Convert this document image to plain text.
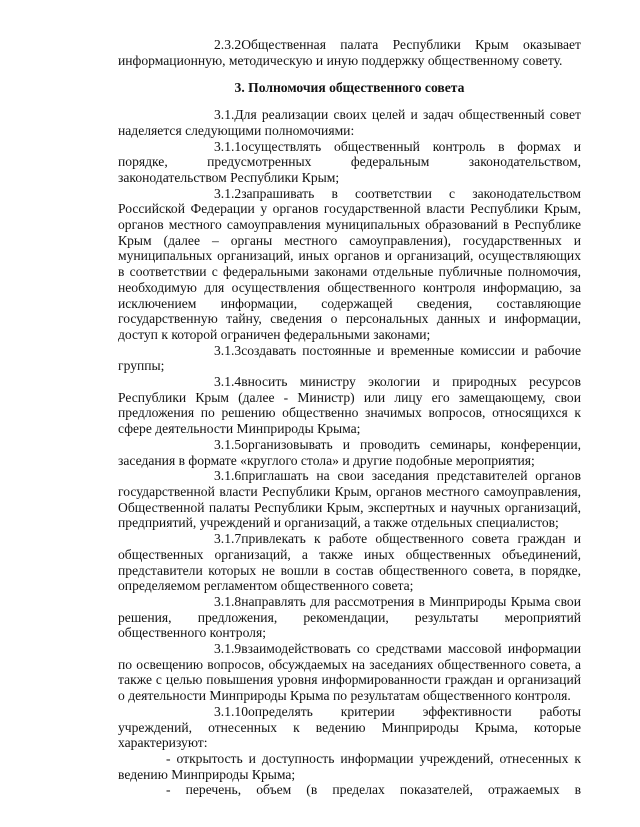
2.3.2Общественная палата Республики Крым оказывает информационную, методическую и иную поддержку общественному совету.

3. Полномочия общественного совета

3.1.Для реализации своих целей и задач общественный совет наделяется следующими полномочиями:

3.1.1осуществлять общественный контроль в формах и порядке, предусмотренных федеральным законодательством, законодательством Республики Крым;

3.1.2запрашивать в соответствии с законодательством Российской Федерации у органов государственной власти Республики Крым, органов местного самоуправления муниципальных образований в Республике Крым (далее – органы местного самоуправления), государственных и муниципальных организаций, иных органов и организаций, осуществляющих в соответствии с федеральными законами отдельные публичные полномочия, необходимую для осуществления общественного контроля информацию, за исключением информации, содержащей сведения, составляющие государственную тайну, сведения о персональных данных и информации, доступ к которой ограничен федеральными законами;

3.1.3создавать постоянные и временные комиссии и рабочие группы;

3.1.4вносить министру экологии и природных ресурсов Республики Крым (далее - Министр) или лицу его замещающему, свои предложения по решению общественно значимых вопросов, относящихся к сфере деятельности Минприроды Крыма;

3.1.5организовывать и проводить семинары, конференции, заседания в формате «круглого стола» и другие подобные мероприятия;

3.1.6приглашать на свои заседания представителей органов государственной власти Республики Крым, органов местного самоуправления, Общественной палаты Республики Крым, экспертных и научных организаций, предприятий, учреждений и организаций, а также отдельных специалистов;

3.1.7привлекать к работе общественного совета граждан и общественных организаций, а также иных общественных объединений, представители которых не вошли в состав общественного совета, в порядке, определяемом регламентом общественного совета;

3.1.8направлять для рассмотрения в Минприроды Крыма свои решения, предложения, рекомендации, результаты мероприятий общественного контроля;

3.1.9взаимодействовать со средствами массовой информации по освещению вопросов, обсуждаемых на заседаниях общественного совета, а также с целью повышения уровня информированности граждан и организаций о деятельности Минприроды Крыма по результатам общественного контроля.

3.1.10определять критерии эффективности работы учреждений, отнесенных к ведению Минприроды Крыма, которые характеризуют:

- открытость и доступность информации учреждений, отнесенных к ведению Минприроды Крыма;

- перечень, объем (в пределах показателей, отражаемых в
